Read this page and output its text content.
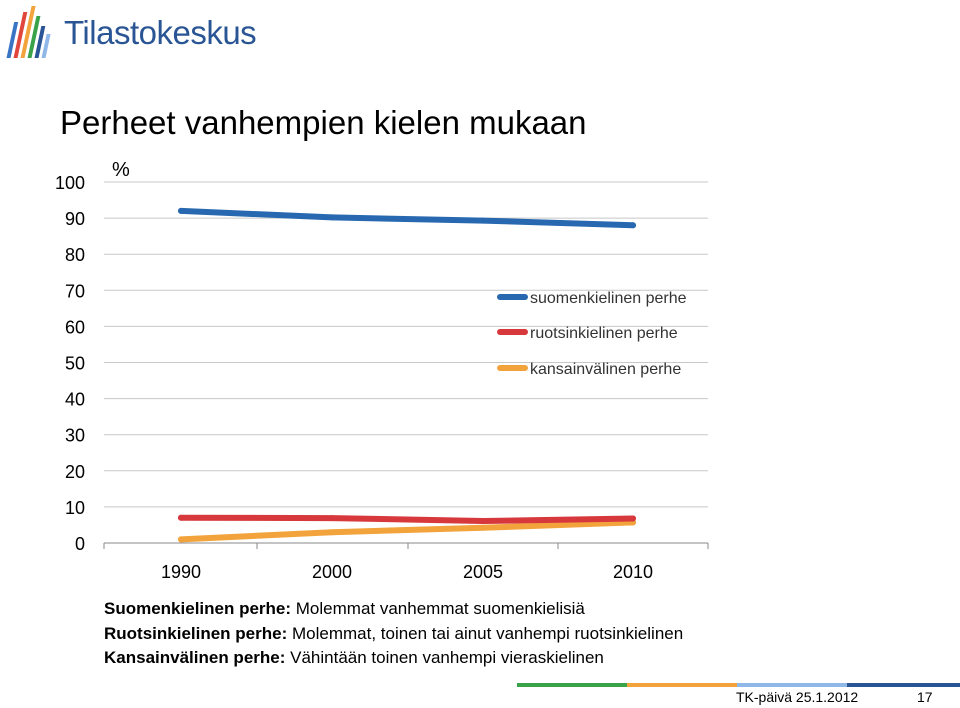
Tilastokeskus
Perheet vanhempien kielen mukaan
0
10
20
30
40
50
60
70
80
90
100
%
1990	2000	2005	2010
suomenkielinen perhe
ruotsinkielinen perhe
kansainvälinen perhe
Suomenkielinen perhe: Molemmat vanhemmat suomenkielisiä
Ruotsinkielinen perhe: Molemmat, toinen tai ainut vanhempi ruotsinkielinen
Kansainvälinen perhe: Vähintään toinen vanhempi vieraskielinen
TK-päivä 25.1.2012	17
